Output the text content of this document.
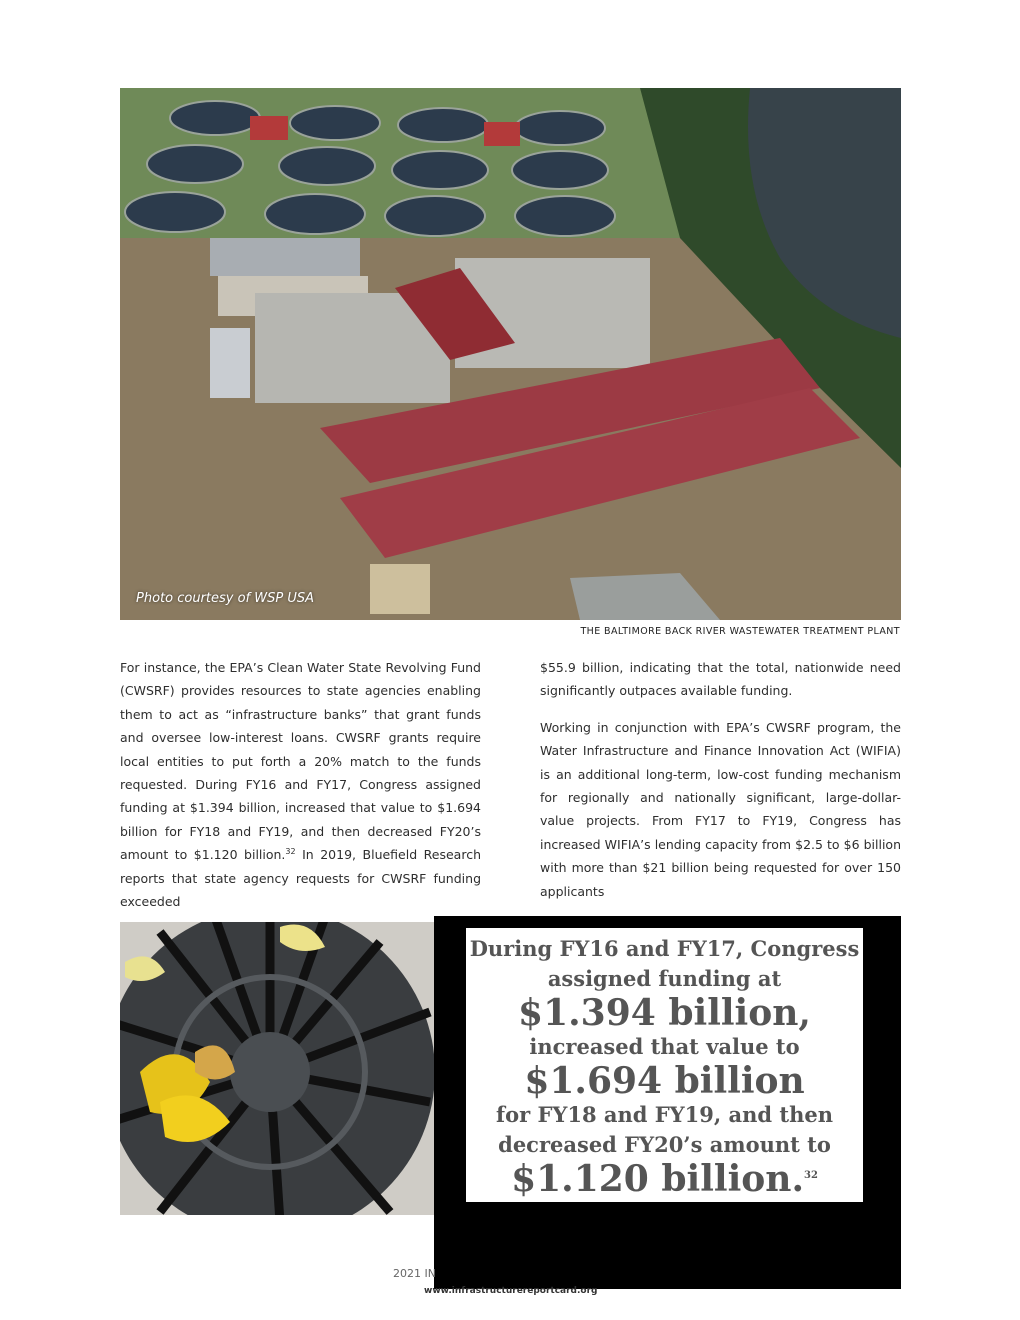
Photo courtesy of WSP USA
THE BALTIMORE BACK RIVER WASTEWATER TREATMENT PLANT

For instance, the EPA’s Clean Water State Revolving Fund (CWSRF) provides resources to state agencies enabling them to act as “infrastructure banks” that grant funds and oversee low-interest loans. CWSRF grants require local entities to put forth a 20% match to the funds requested. During FY16 and FY17, Congress assigned funding at $1.394 billion, increased that value to $1.694 billion for FY18 and FY19, and then decreased FY20’s amount to $1.120 billion.$^{32}$ In 2019, Bluefield Research reports that state agency requests for CWSRF funding exceeded

$55.9 billion, indicating that the total, nationwide need significantly outpaces available funding.

Working in conjunction with EPA’s CWSRF program, the Water Infrastructure and Finance Innovation Act (WIFIA) is an additional long-term, low-cost funding mechanism for regionally and nationally significant, large-dollar-value projects. From FY17 to FY19, Congress has increased WIFIA’s lending capacity from $2.5 to $6 billion with more than $21 billion being requested for over 150 applicants

During FY16 and FY17, Congress
assigned funding at
$1.394 billion,
increased that value to
$1.694 billion
for FY18 and FY19, and then
decreased FY20’s amount to
$1.120 billion.$^{32}$
2021 IN
www.infrastructurereportcard.org
